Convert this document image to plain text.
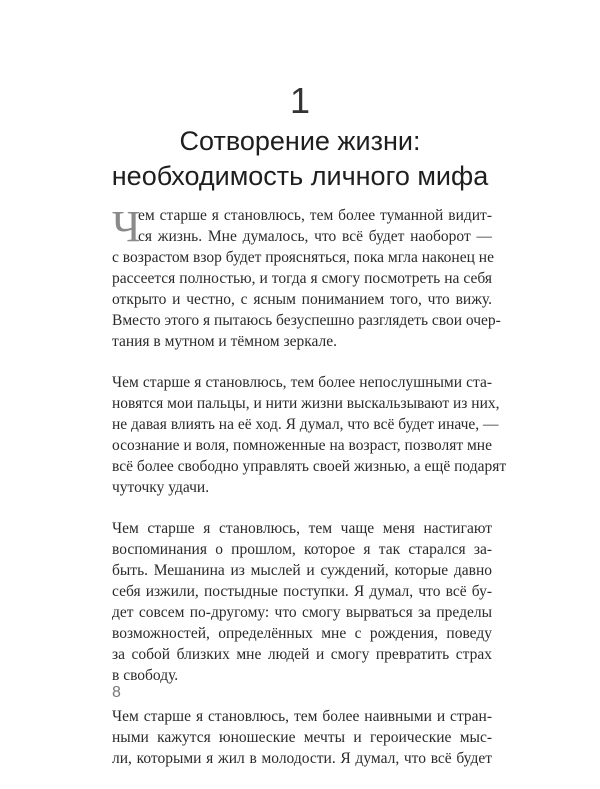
1
Сотворение жизни:
необходимость личного мифа
Ч
ем старше я становлюсь, тем более туманной видит-
ся жизнь. Мне думалось, что всё будет наоборот —
с возрастом взор будет проясняться, пока мгла наконец не
рассеется полностью, и тогда я смогу посмотреть на себя
открыто и честно, с ясным пониманием того, что вижу.
Вместо этого я пытаюсь безуспешно разглядеть свои очер-
тания в мутном и тёмном зеркале.
Чем старше я становлюсь, тем более непослушными ста-
новятся мои пальцы, и нити жизни выскальзывают из них,
не давая влиять на её ход. Я думал, что всё будет иначе, —
осознание и воля, помноженные на возраст, позволят мне
всё более свободно управлять своей жизнью, а ещё подарят
чуточку удачи.
Чем старше я становлюсь, тем чаще меня настигают
воспоминания о прошлом, которое я так старался за-
быть. Мешанина из мыслей и суждений, которые давно
себя изжили, постыдные поступки. Я думал, что всё бу-
дет совсем по-другому: что смогу вырваться за пределы
возможностей, определённых мне с рождения, поведу
за собой близких мне людей и смогу превратить страх
в свободу.
Чем старше я становлюсь, тем более наивными и стран-
ными кажутся юношеские мечты и героические мыс-
ли, которыми я жил в молодости. Я думал, что всё будет
8
